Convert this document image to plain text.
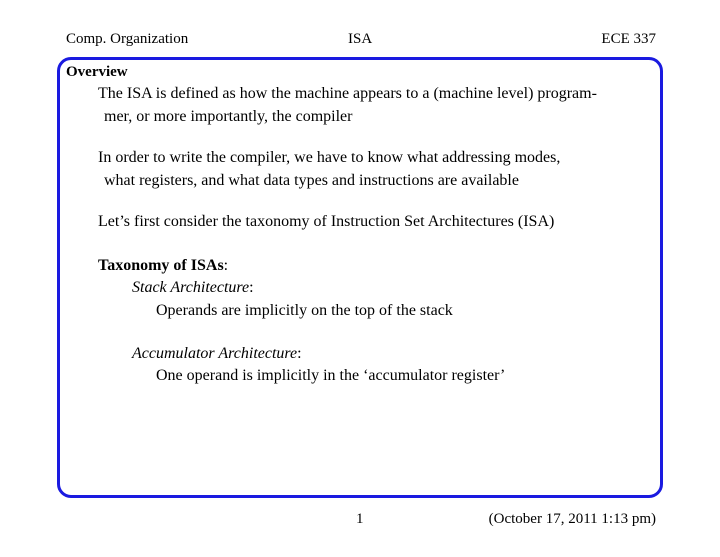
Comp. Organization	ISA	ECE 337
Overview
The ISA is defined as how the machine appears to a (machine level) program-
mer, or more importantly, the compiler
In order to write the compiler, we have to know what addressing modes,
what registers, and what data types and instructions are available
Let’s first consider the taxonomy of Instruction Set Architectures (ISA)
Taxonomy of ISAs:
Stack Architecture:
Operands are implicitly on the top of the stack
Accumulator Architecture:
One operand is implicitly in the ‘accumulator register’
1	(October 17, 2011 1:13 pm)
